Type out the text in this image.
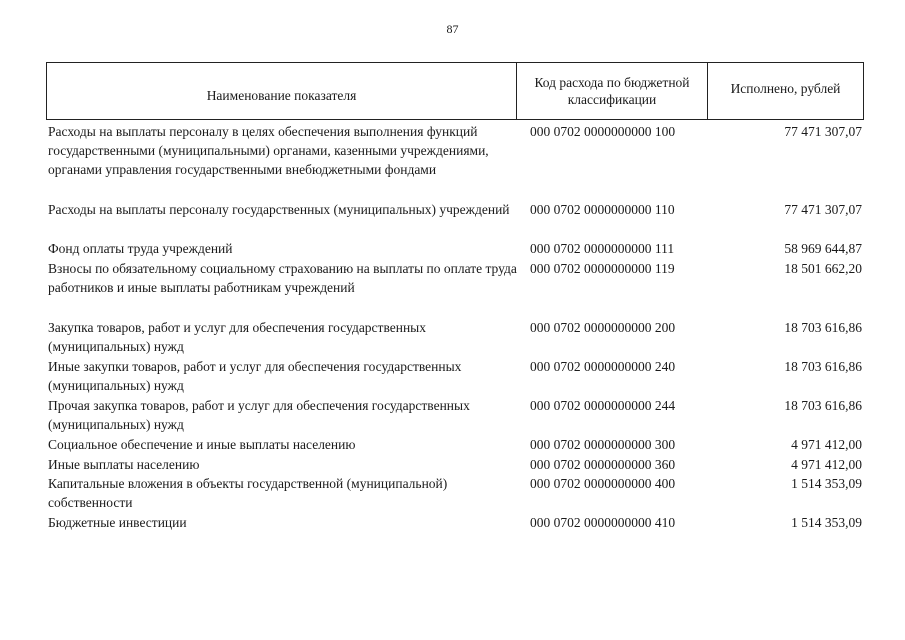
87
Наименование показателя
Код расхода по бюджетной классификации
Исполнено, рублей
Расходы на выплаты персоналу в целях обеспечения выполнения функций государственными (муниципальными) органами, казенными учреждениями, органами управления государственными внебюджетными фондами
000 0702 0000000000 100	77 471 307,07
Расходы на выплаты персоналу государственных (муниципальных) учреждений	000 0702 0000000000 110	77 471 307,07
Фонд оплаты труда учреждений	000 0702 0000000000 111	58 969 644,87
Взносы по обязательному социальному страхованию на выплаты по оплате труда работников и иные выплаты работникам учреждений
000 0702 0000000000 119	18 501 662,20
Закупка товаров, работ и услуг для обеспечения государственных (муниципальных) нужд
000 0702 0000000000 200	18 703 616,86
Иные закупки товаров, работ и услуг для обеспечения государственных (муниципальных) нужд
000 0702 0000000000 240	18 703 616,86
Прочая закупка товаров, работ и услуг для обеспечения государственных (муниципальных) нужд
000 0702 0000000000 244	18 703 616,86
Социальное обеспечение и иные выплаты населению	000 0702 0000000000 300	4 971 412,00
Иные выплаты населению	000 0702 0000000000 360	4 971 412,00
Капитальные вложения в объекты государственной (муниципальной) собственности
000 0702 0000000000 400	1 514 353,09
Бюджетные инвестиции	000 0702 0000000000 410	1 514 353,09
